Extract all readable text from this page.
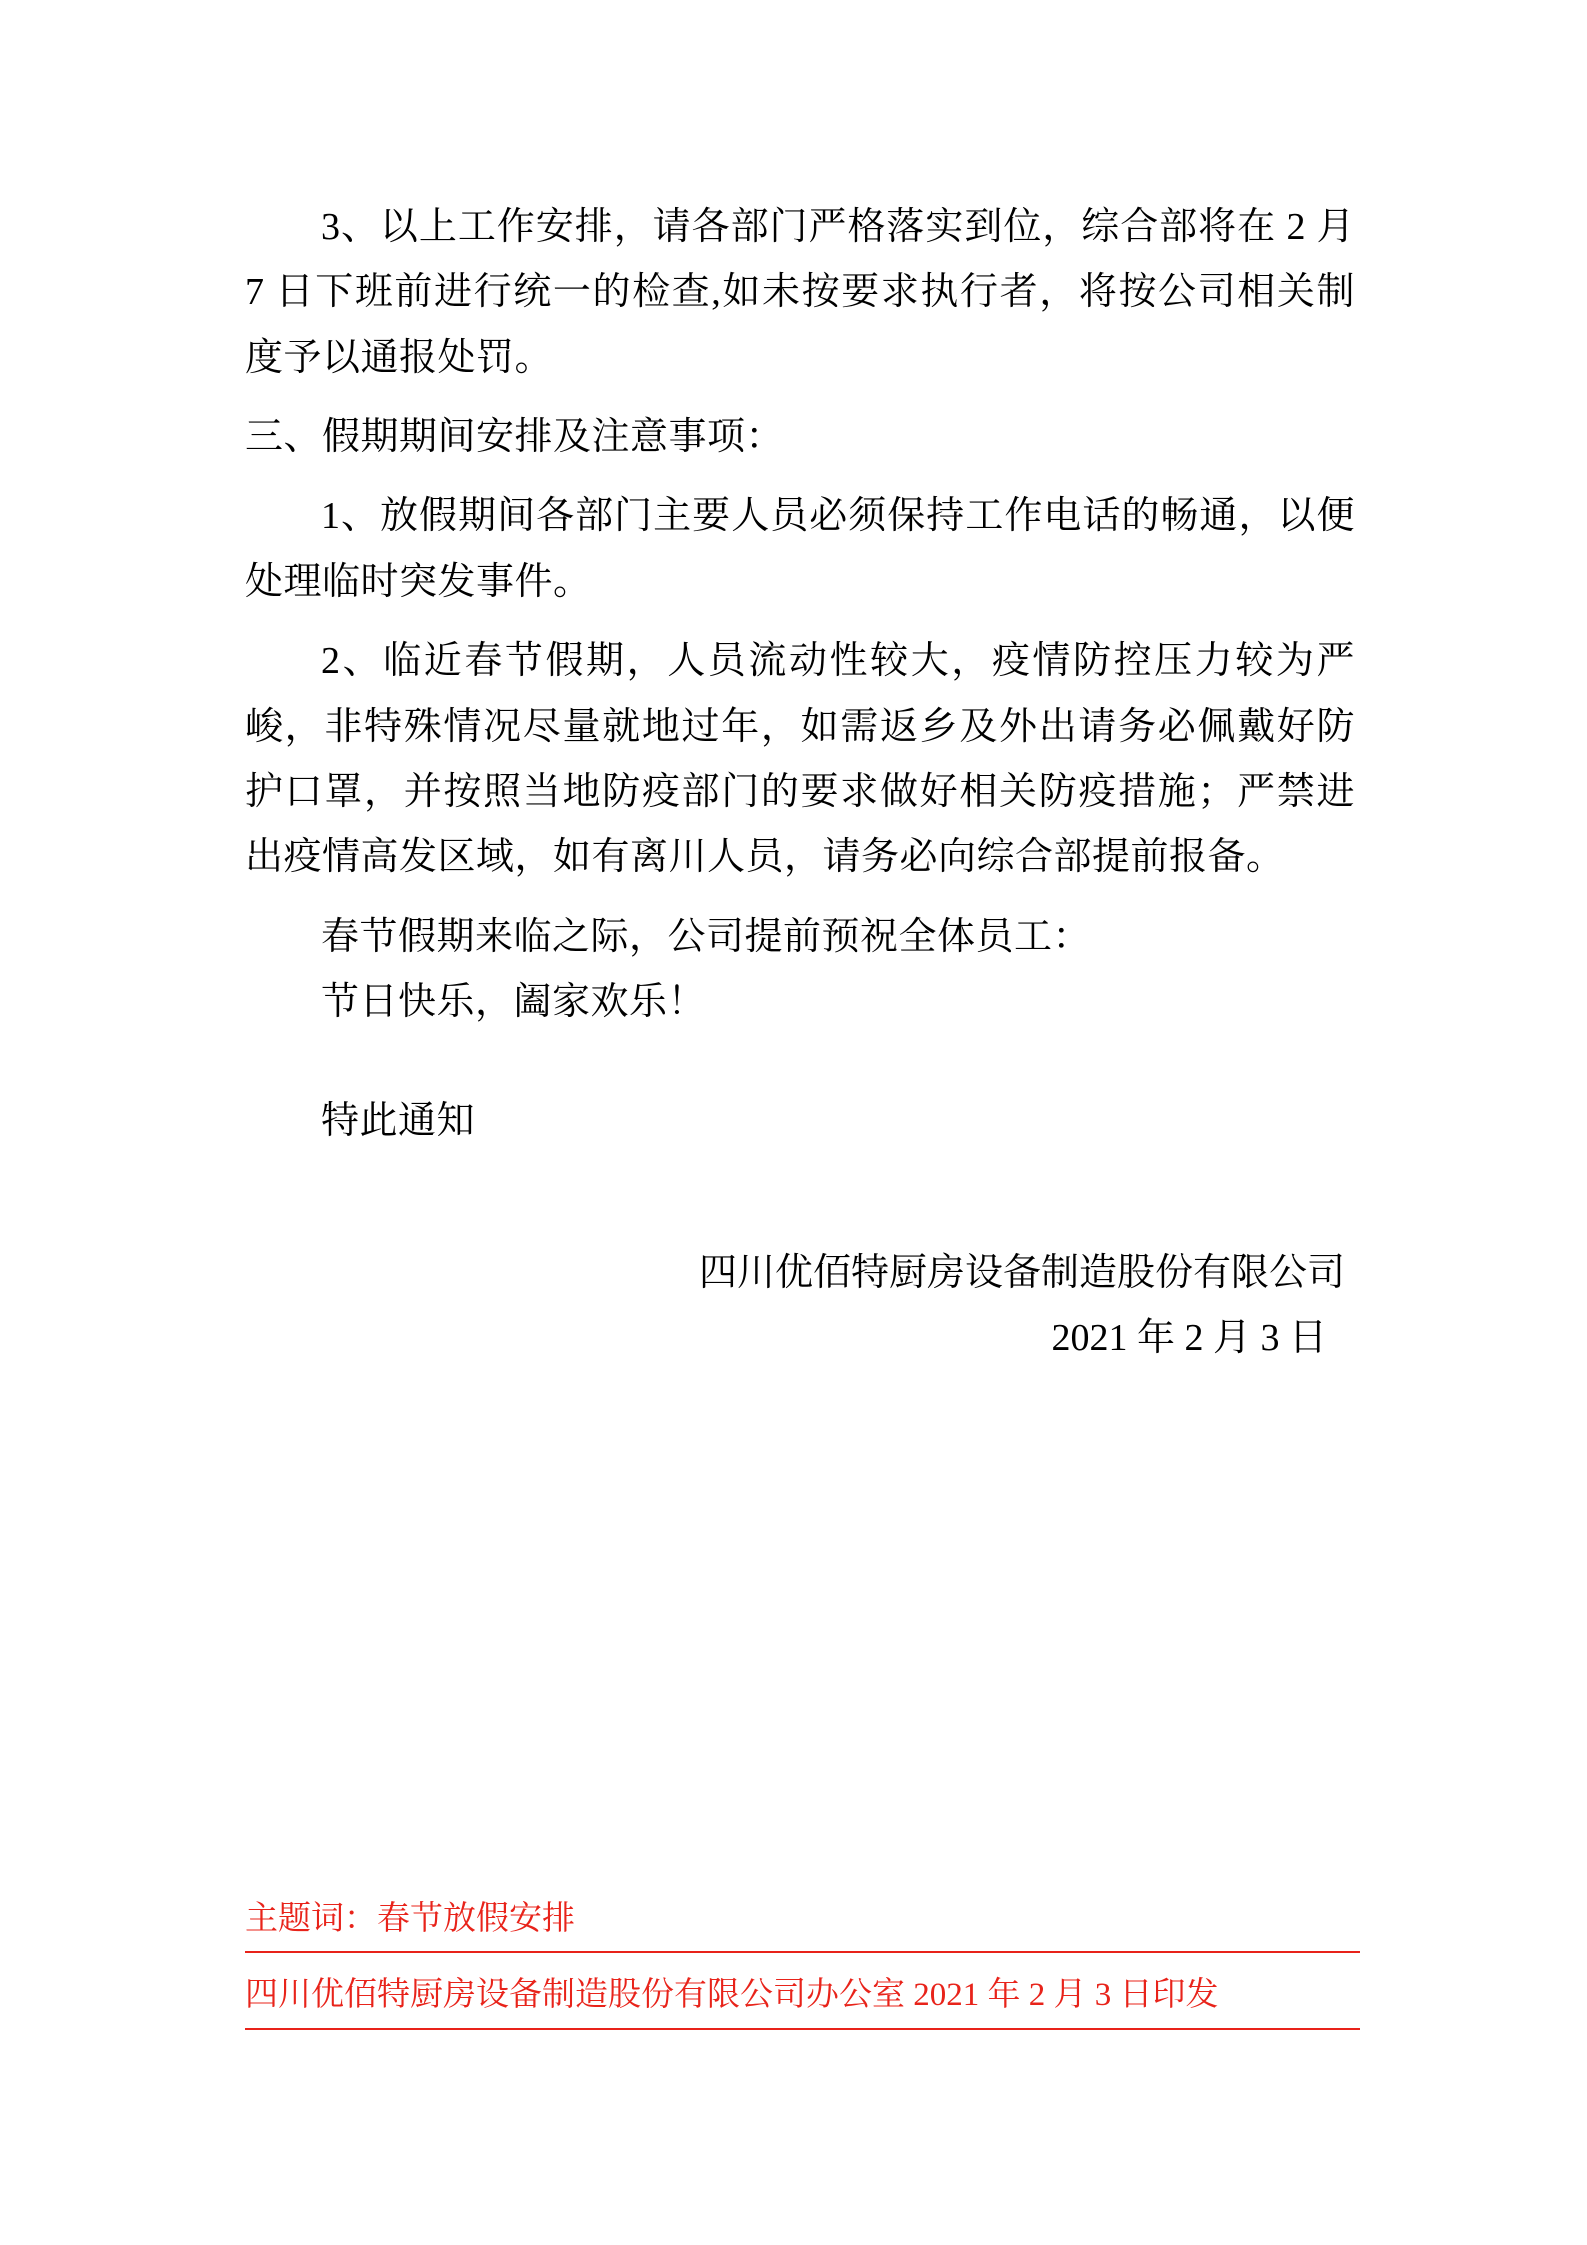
3、以上工作安排，请各部门严格落实到位，综合部将在 2 月 7 日下班前进行统一的检查,如未按要求执行者，将按公司相关制度予以通报处罚。

三、假期期间安排及注意事项：

1、放假期间各部门主要人员必须保持工作电话的畅通，以便处理临时突发事件。

2、临近春节假期，人员流动性较大，疫情防控压力较为严峻，非特殊情况尽量就地过年，如需返乡及外出请务必佩戴好防护口罩，并按照当地防疫部门的要求做好相关防疫措施；严禁进出疫情高发区域，如有离川人员，请务必向综合部提前报备。

春节假期来临之际，公司提前预祝全体员工：

节日快乐，阖家欢乐！

特此通知

四川优佰特厨房设备制造股份有限公司
2021 年 2 月 3 日
主题词：春节放假安排
四川优佰特厨房设备制造股份有限公司办公室 2021 年 2 月 3 日印发
